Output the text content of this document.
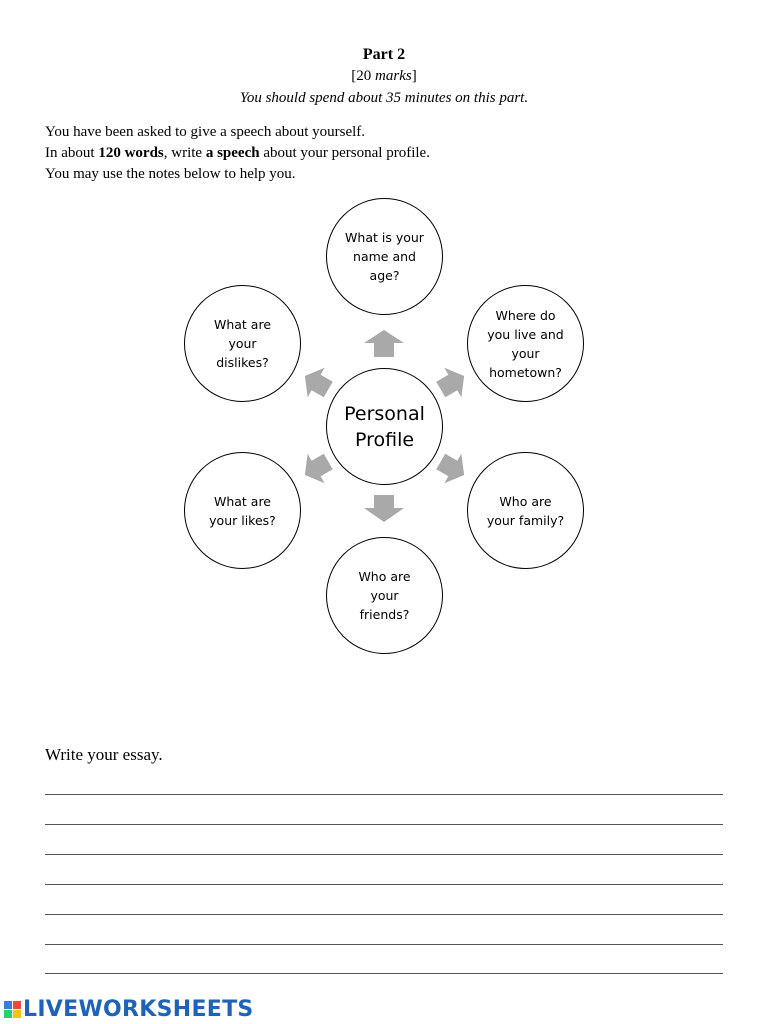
Part 2
[20 marks]
You should spend about 35 minutes on this part.
You have been asked to give a speech about yourself.
In about 120 words, write a speech about your personal profile.
You may use the notes below to help you.
What is your
name and
age?
Where do
you live and
your
hometown?
What are
your
dislikes?
Personal
Profile
What are
your likes?
Who are
your family?
Who are
your
friends?
Write your essay.
LIVEWORKSHEETS
